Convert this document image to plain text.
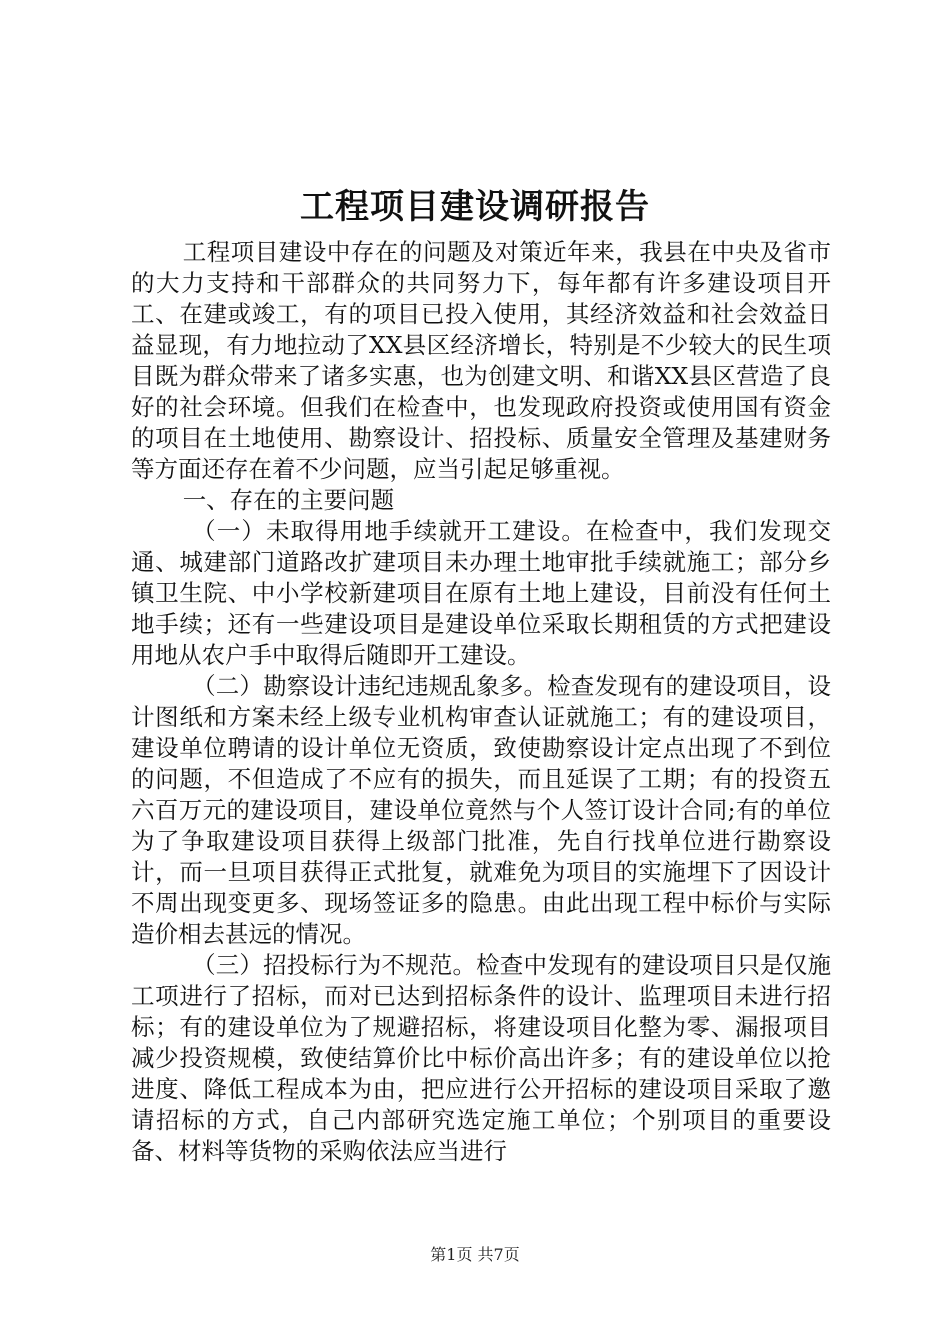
工程项目建设调研报告

工程项目建设中存在的问题及对策近年来，我县在中央及省市的大力支持和干部群众的共同努力下，每年都有许多建设项目开工、在建或竣工，有的项目已投入使用，其经济效益和社会效益日益显现，有力地拉动了XX县区经济增长，特别是不少较大的民生项目既为群众带来了诸多实惠，也为创建文明、和谐XX县区营造了良好的社会环境。但我们在检查中，也发现政府投资或使用国有资金的项目在土地使用、勘察设计、招投标、质量安全管理及基建财务等方面还存在着不少问题，应当引起足够重视。

一、存在的主要问题

（一）未取得用地手续就开工建设。在检查中，我们发现交通、城建部门道路改扩建项目未办理土地审批手续就施工；部分乡镇卫生院、中小学校新建项目在原有土地上建设，目前没有任何土地手续；还有一些建设项目是建设单位采取长期租赁的方式把建设用地从农户手中取得后随即开工建设。

（二）勘察设计违纪违规乱象多。检查发现有的建设项目，设计图纸和方案未经上级专业机构审查认证就施工；有的建设项目，建设单位聘请的设计单位无资质，致使勘察设计定点出现了不到位的问题，不但造成了不应有的损失，而且延误了工期；有的投资五六百万元的建设项目，建设单位竟然与个人签订设计合同;有的单位为了争取建设项目获得上级部门批准，先自行找单位进行勘察设计，而一旦项目获得正式批复，就难免为项目的实施埋下了因设计不周出现变更多、现场签证多的隐患。由此出现工程中标价与实际造价相去甚远的情况。

（三）招投标行为不规范。检查中发现有的建设项目只是仅施工项进行了招标，而对已达到招标条件的设计、监理项目未进行招标；有的建设单位为了规避招标，将建设项目化整为零、漏报项目减少投资规模，致使结算价比中标价高出许多；有的建设单位以抢进度、降低工程成本为由，把应进行公开招标的建设项目采取了邀请招标的方式，自己内部研究选定施工单位；个别项目的重要设备、材料等货物的采购依法应当进行

第1页 共7页
